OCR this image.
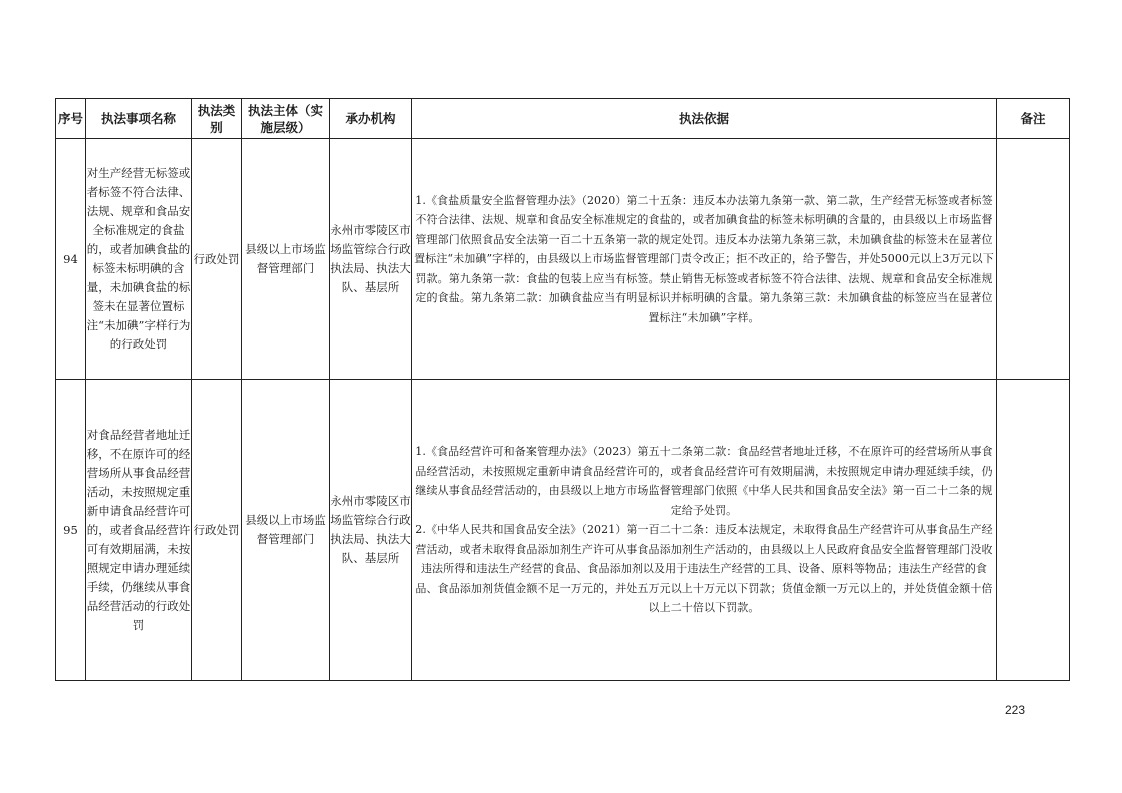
序号	执法事项名称	执法类别	执法主体（实施层级）	承办机构	执法依据	备注
94	对生产经营无标签或者标签不符合法律、法规、规章和食品安全标准规定的食盐的，或者加碘食盐的标签未标明碘的含量，未加碘食盐的标签未在显著位置标注“未加碘”字样行为的行政处罚	行政处罚	县级以上市场监督管理部门	永州市零陵区市场监管综合行政执法局、执法大队、基层所	1.《食盐质量安全监督管理办法》（2020）第二十五条：违反本办法第九条第一款、第二款，生产经营无标签或者标签不符合法律、法规、规章和食品安全标准规定的食盐的，或者加碘食盐的标签未标明碘的含量的，由县级以上市场监督管理部门依照食品安全法第一百二十五条第一款的规定处罚。违反本办法第九条第三款，未加碘食盐的标签未在显著位置标注“未加碘”字样的，由县级以上市场监督管理部门责令改正；拒不改正的，给予警告，并处5000元以上3万元以下罚款。第九条第一款：食盐的包装上应当有标签。禁止销售无标签或者标签不符合法律、法规、规章和食品安全标准规定的食盐。第九条第二款：加碘食盐应当有明显标识并标明碘的含量。第九条第三款：未加碘食盐的标签应当在显著位置标注“未加碘”字样。	

95	对食品经营者地址迁移，不在原许可的经营场所从事食品经营活动，未按照规定重新申请食品经营许可的，或者食品经营许可有效期届满，未按照规定申请办理延续手续，仍继续从事食品经营活动的行政处罚	行政处罚	县级以上市场监督管理部门	永州市零陵区市场监管综合行政执法局、执法大队、基层所	1.《食品经营许可和备案管理办法》（2023）第五十二条第二款：食品经营者地址迁移，不在原许可的经营场所从事食品经营活动，未按照规定重新申请食品经营许可的，或者食品经营许可有效期届满，未按照规定申请办理延续手续，仍继续从事食品经营活动的，由县级以上地方市场监督管理部门依照《中华人民共和国食品安全法》第一百二十二条的规定给予处罚。

2.《中华人民共和国食品安全法》（2021）第一百二十二条：违反本法规定，未取得食品生产经营许可从事食品生产经营活动，或者未取得食品添加剂生产许可从事食品添加剂生产活动的，由县级以上人民政府食品安全监督管理部门没收违法所得和违法生产经营的食品、食品添加剂以及用于违法生产经营的工具、设备、原料等物品；违法生产经营的食品、食品添加剂货值金额不足一万元的，并处五万元以上十万元以下罚款；货值金额一万元以上的，并处货值金额十倍以上二十倍以下罚款。	

223
